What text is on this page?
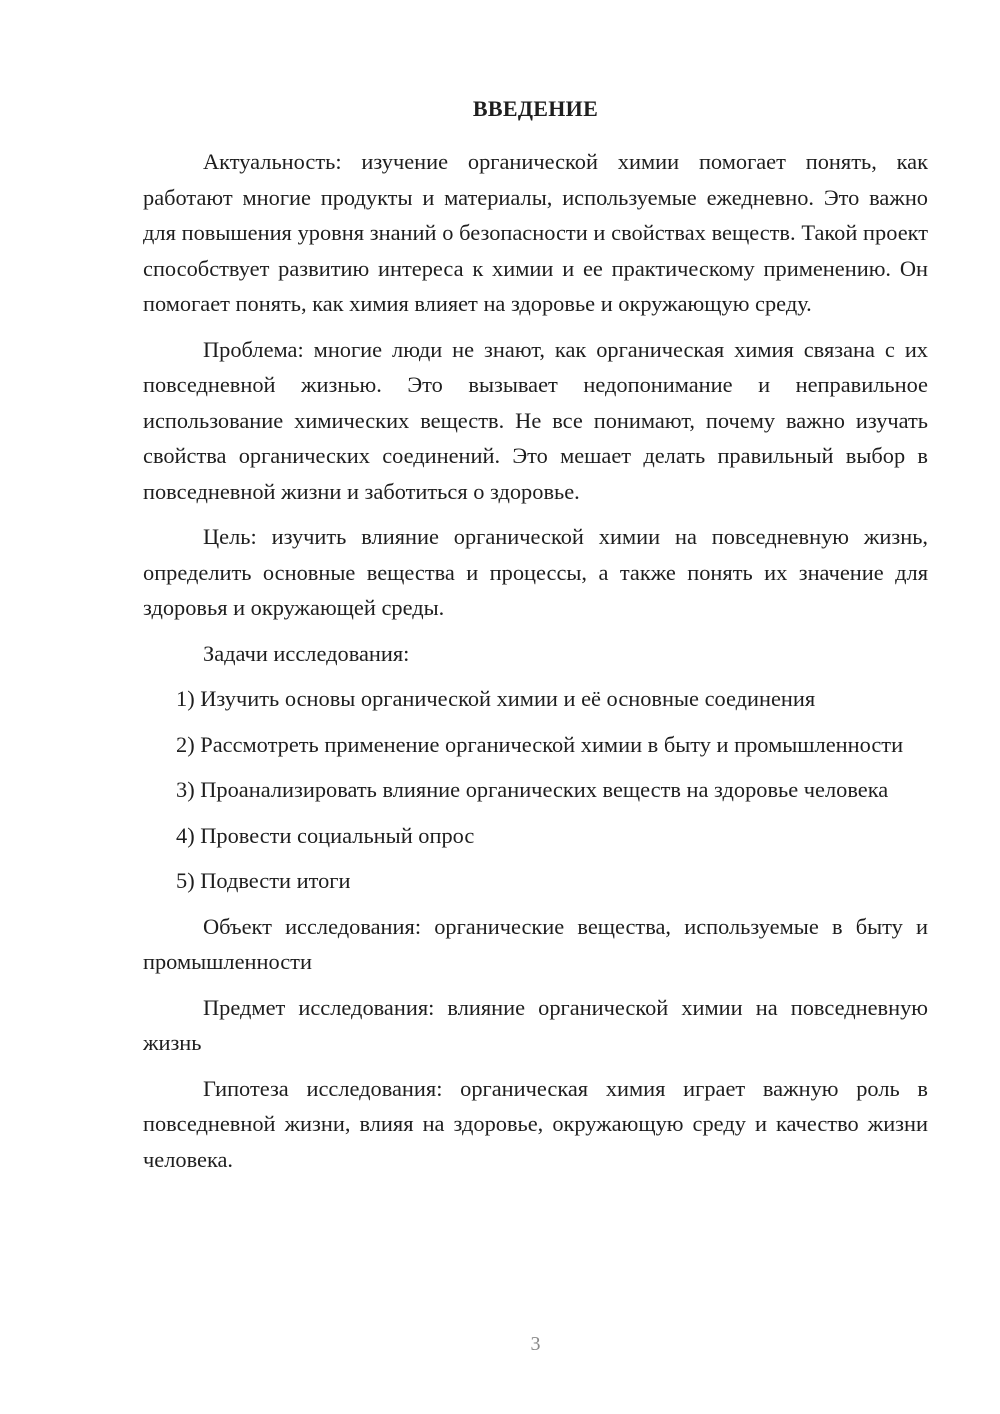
ВВЕДЕНИЕ

Актуальность: изучение органической химии помогает понять, как работают многие продукты и материалы, используемые ежедневно. Это важно для повышения уровня знаний о безопасности и свойствах веществ. Такой проект способствует развитию интереса к химии и ее практическому применению. Он помогает понять, как химия влияет на здоровье и окружающую среду.

Проблема: многие люди не знают, как органическая химия связана с их повседневной жизнью. Это вызывает недопонимание и неправильное использование химических веществ. Не все понимают, почему важно изучать свойства органических соединений. Это мешает делать правильный выбор в повседневной жизни и заботиться о здоровье.

Цель: изучить влияние органической химии на повседневную жизнь, определить основные вещества и процессы, а также понять их значение для здоровья и окружающей среды.

Задачи исследования:

1) Изучить основы органической химии и её основные соединения

2) Рассмотреть применение органической химии в быту и промышленности

3) Проанализировать влияние органических веществ на здоровье человека

4) Провести социальный опрос

5) Подвести итоги

Объект исследования: органические вещества, используемые в быту и промышленности

Предмет исследования: влияние органической химии на повседневную жизнь

Гипотеза исследования: органическая химия играет важную роль в повседневной жизни, влияя на здоровье, окружающую среду и качество жизни человека.

3
